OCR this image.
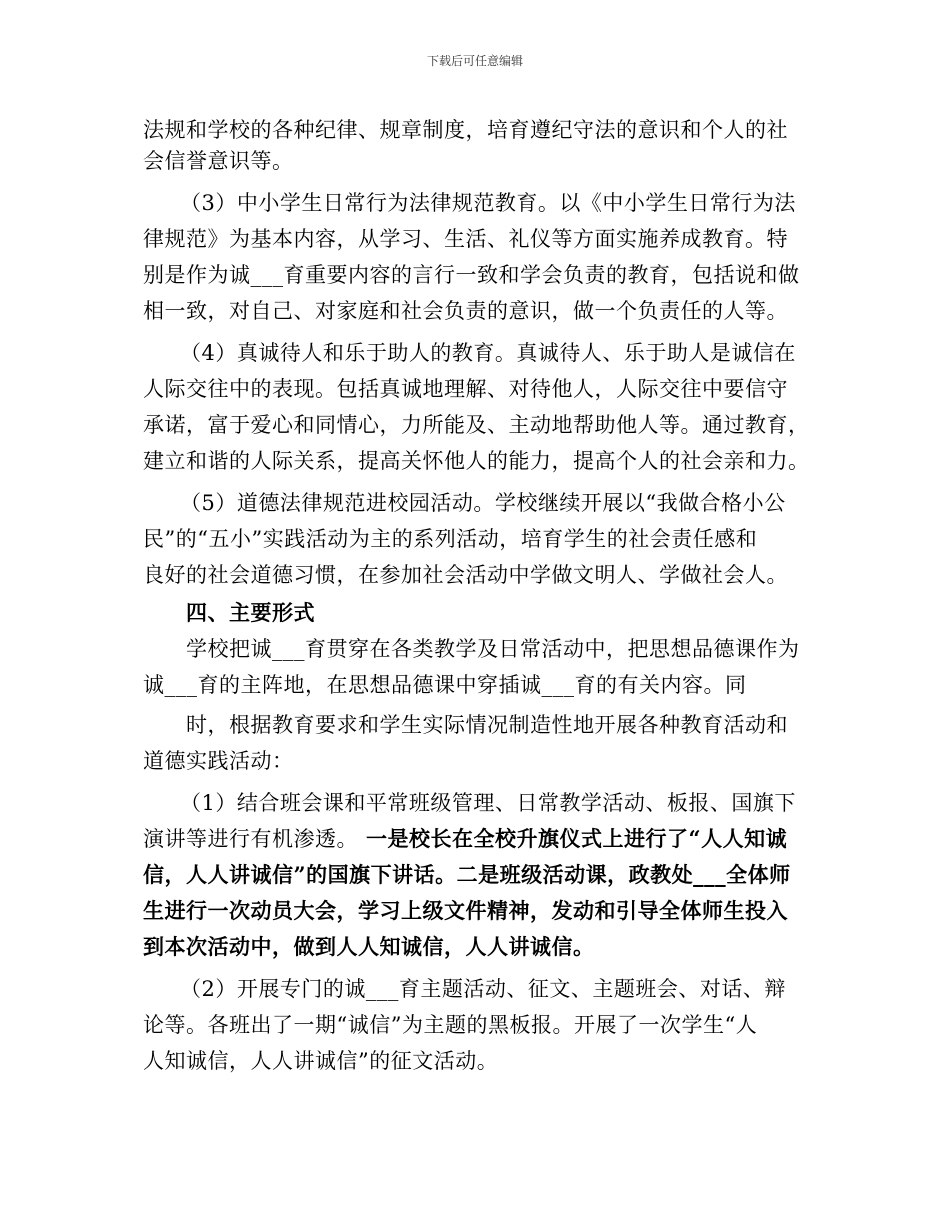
下载后可任意编辑
法规和学校的各种纪律、规章制度，培育遵纪守法的意识和个人的社
会信誉意识等。
（3）中小学生日常行为法律规范教育。以《中小学生日常行为法
律规范》为基本内容，从学习、生活、礼仪等方面实施养成教育。特
别是作为诚___育重要内容的言行一致和学会负责的教育，包括说和做
相一致，对自己、对家庭和社会负责的意识，做一个负责任的人等。
（4）真诚待人和乐于助人的教育。真诚待人、乐于助人是诚信在
人际交往中的表现。包括真诚地理解、对待他人，人际交往中要信守
承诺，富于爱心和同情心，力所能及、主动地帮助他人等。通过教育，
建立和谐的人际关系，提高关怀他人的能力，提高个人的社会亲和力。
（5）道德法律规范进校园活动。学校继续开展以“我做合格小公
民”的“五小”实践活动为主的系列活动，培育学生的社会责任感和
良好的社会道德习惯，在参加社会活动中学做文明人、学做社会人。
四、主要形式
学校把诚___育贯穿在各类教学及日常活动中，把思想品德课作为
诚___育的主阵地，在思想品德课中穿插诚___育的有关内容。同
时，根据教育要求和学生实际情况制造性地开展各种教育活动和
道德实践活动：
（1）结合班会课和平常班级管理、日常教学活动、板报、国旗下
演讲等进行有机渗透。 一是校长在全校升旗仪式上进行了“人人知诚
信，人人讲诚信”的国旗下讲话。二是班级活动课，政教处___全体师
生进行一次动员大会，学习上级文件精神，发动和引导全体师生投入
到本次活动中，做到人人知诚信，人人讲诚信。
（2）开展专门的诚___育主题活动、征文、主题班会、对话、辩
论等。各班出了一期“诚信”为主题的黑板报。开展了一次学生“人
人知诚信，人人讲诚信”的征文活动。
